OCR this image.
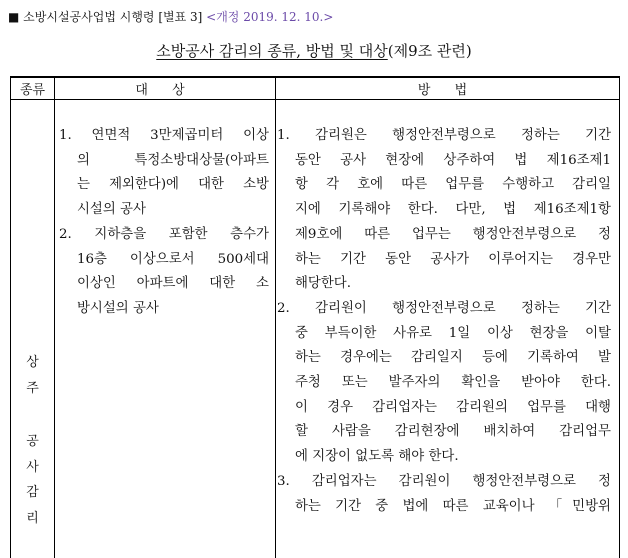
■ 소방시설공사업법 시행령 [별표 3] <개정 2019. 12. 10.>
소방공사 감리의 종류, 방법 및 대상(제9조 관련)
종류	대 상	방 법
상
주
공
사
감
리
1. 연면적 3만제곱미터 이상
의 특정소방대상물(아파트
는 제외한다)에 대한 소방
시설의 공사
2. 지하층을 포함한 층수가
16층 이상으로서 500세대
이상인 아파트에 대한 소
방시설의 공사
1. 감리원은 행정안전부령으로 정하는 기간
동안 공사 현장에 상주하여 법 제16조제1
항 각 호에 따른 업무를 수행하고 감리일
지에 기록해야 한다. 다만, 법 제16조제1항
제9호에 따른 업무는 행정안전부령으로 정
하는 기간 동안 공사가 이루어지는 경우만
해당한다.
2. 감리원이 행정안전부령으로 정하는 기간
중 부득이한 사유로 1일 이상 현장을 이탈
하는 경우에는 감리일지 등에 기록하여 발
주청 또는 발주자의 확인을 받아야 한다.
이 경우 감리업자는 감리원의 업무를 대행
할 사람을 감리현장에 배치하여 감리업무
에 지장이 없도록 해야 한다.
3. 감리업자는 감리원이 행정안전부령으로 정
하는 기간 중 법에 따른 교육이나 「민방위
